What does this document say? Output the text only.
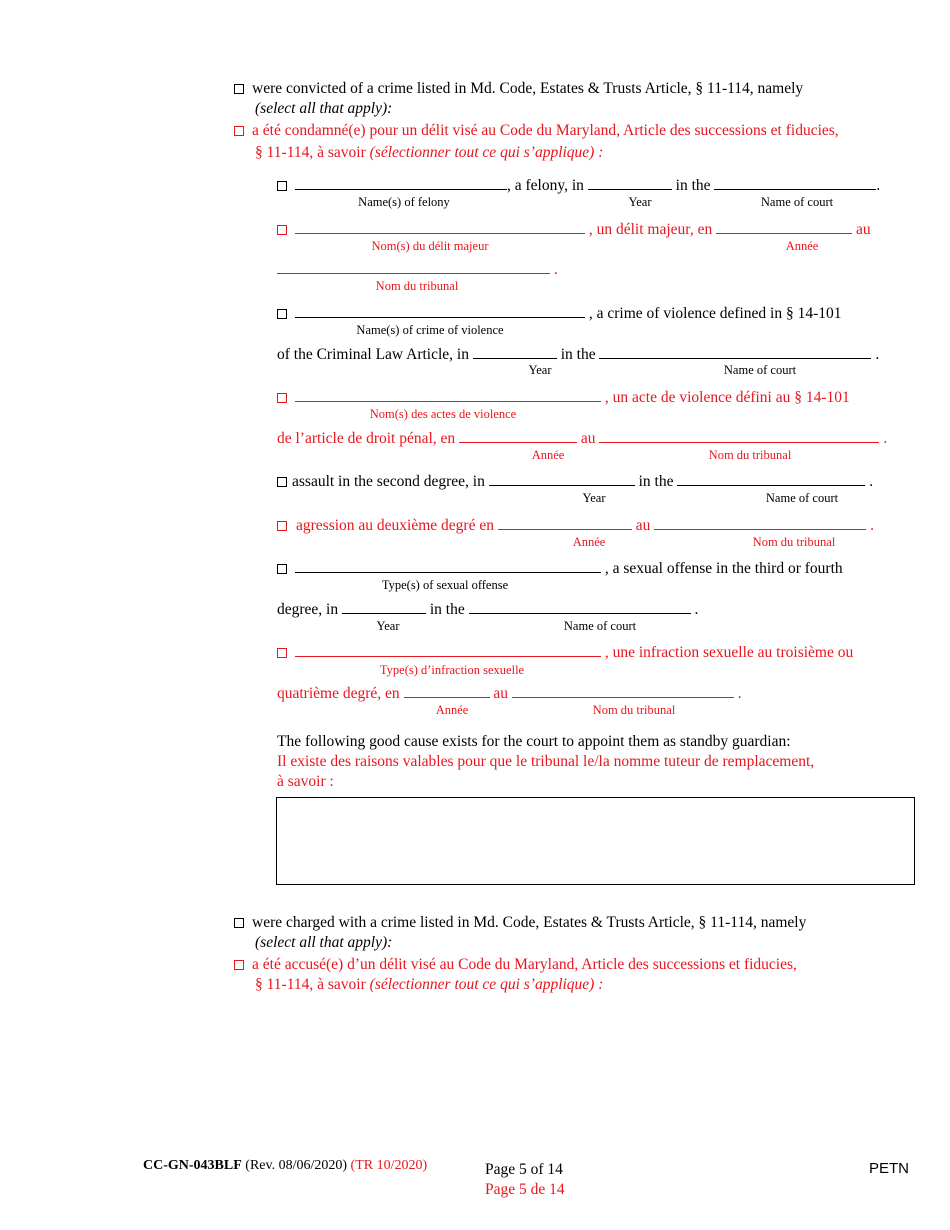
were convicted of a crime listed in Md. Code, Estates & Trusts Article, § 11-114, namely
(select all that apply):
a été condamné(e) pour un délit visé au Code du Maryland, Article des successions et fiducies,
§ 11-114, à savoir (sélectionner tout ce qui s’applique) :
, a felony, in	in the	.
Name(s) of felony	Year	Name of court
, un délit majeur, en	au
Nom(s) du délit majeur	Année
.
Nom du tribunal
, a crime of violence defined in § 14-101
Name(s) of crime of violence
of the Criminal Law Article, in	in the	.
Year	Name of court
, un acte de violence défini au § 14-101
Nom(s) des actes de violence
de l’article de droit pénal, en	au	.
Année	Nom du tribunal
assault in the second degree, in	in the	.
Year	Name of court
agression au deuxième degré en	au	.
Année	Nom du tribunal
, a sexual offense in the third or fourth
Type(s) of sexual offense
degree, in	in the	.
Year	Name of court
, une infraction sexuelle au troisième ou
Type(s) d’infraction sexuelle
quatrième degré, en	au	.
Année	Nom du tribunal
The following good cause exists for the court to appoint them as standby guardian:
Il existe des raisons valables pour que le tribunal le/la nomme tuteur de remplacement,
à savoir :
were charged with a crime listed in Md. Code, Estates & Trusts Article, § 11-114, namely
(select all that apply):
a été accusé(e) d’un délit visé au Code du Maryland, Article des successions et fiducies,
§ 11-114, à savoir (sélectionner tout ce qui s’applique) :
CC-GN-043BLF (Rev. 08/06/2020) (TR 10/2020)	Page 5 of 14
Page 5 de 14
PETN
